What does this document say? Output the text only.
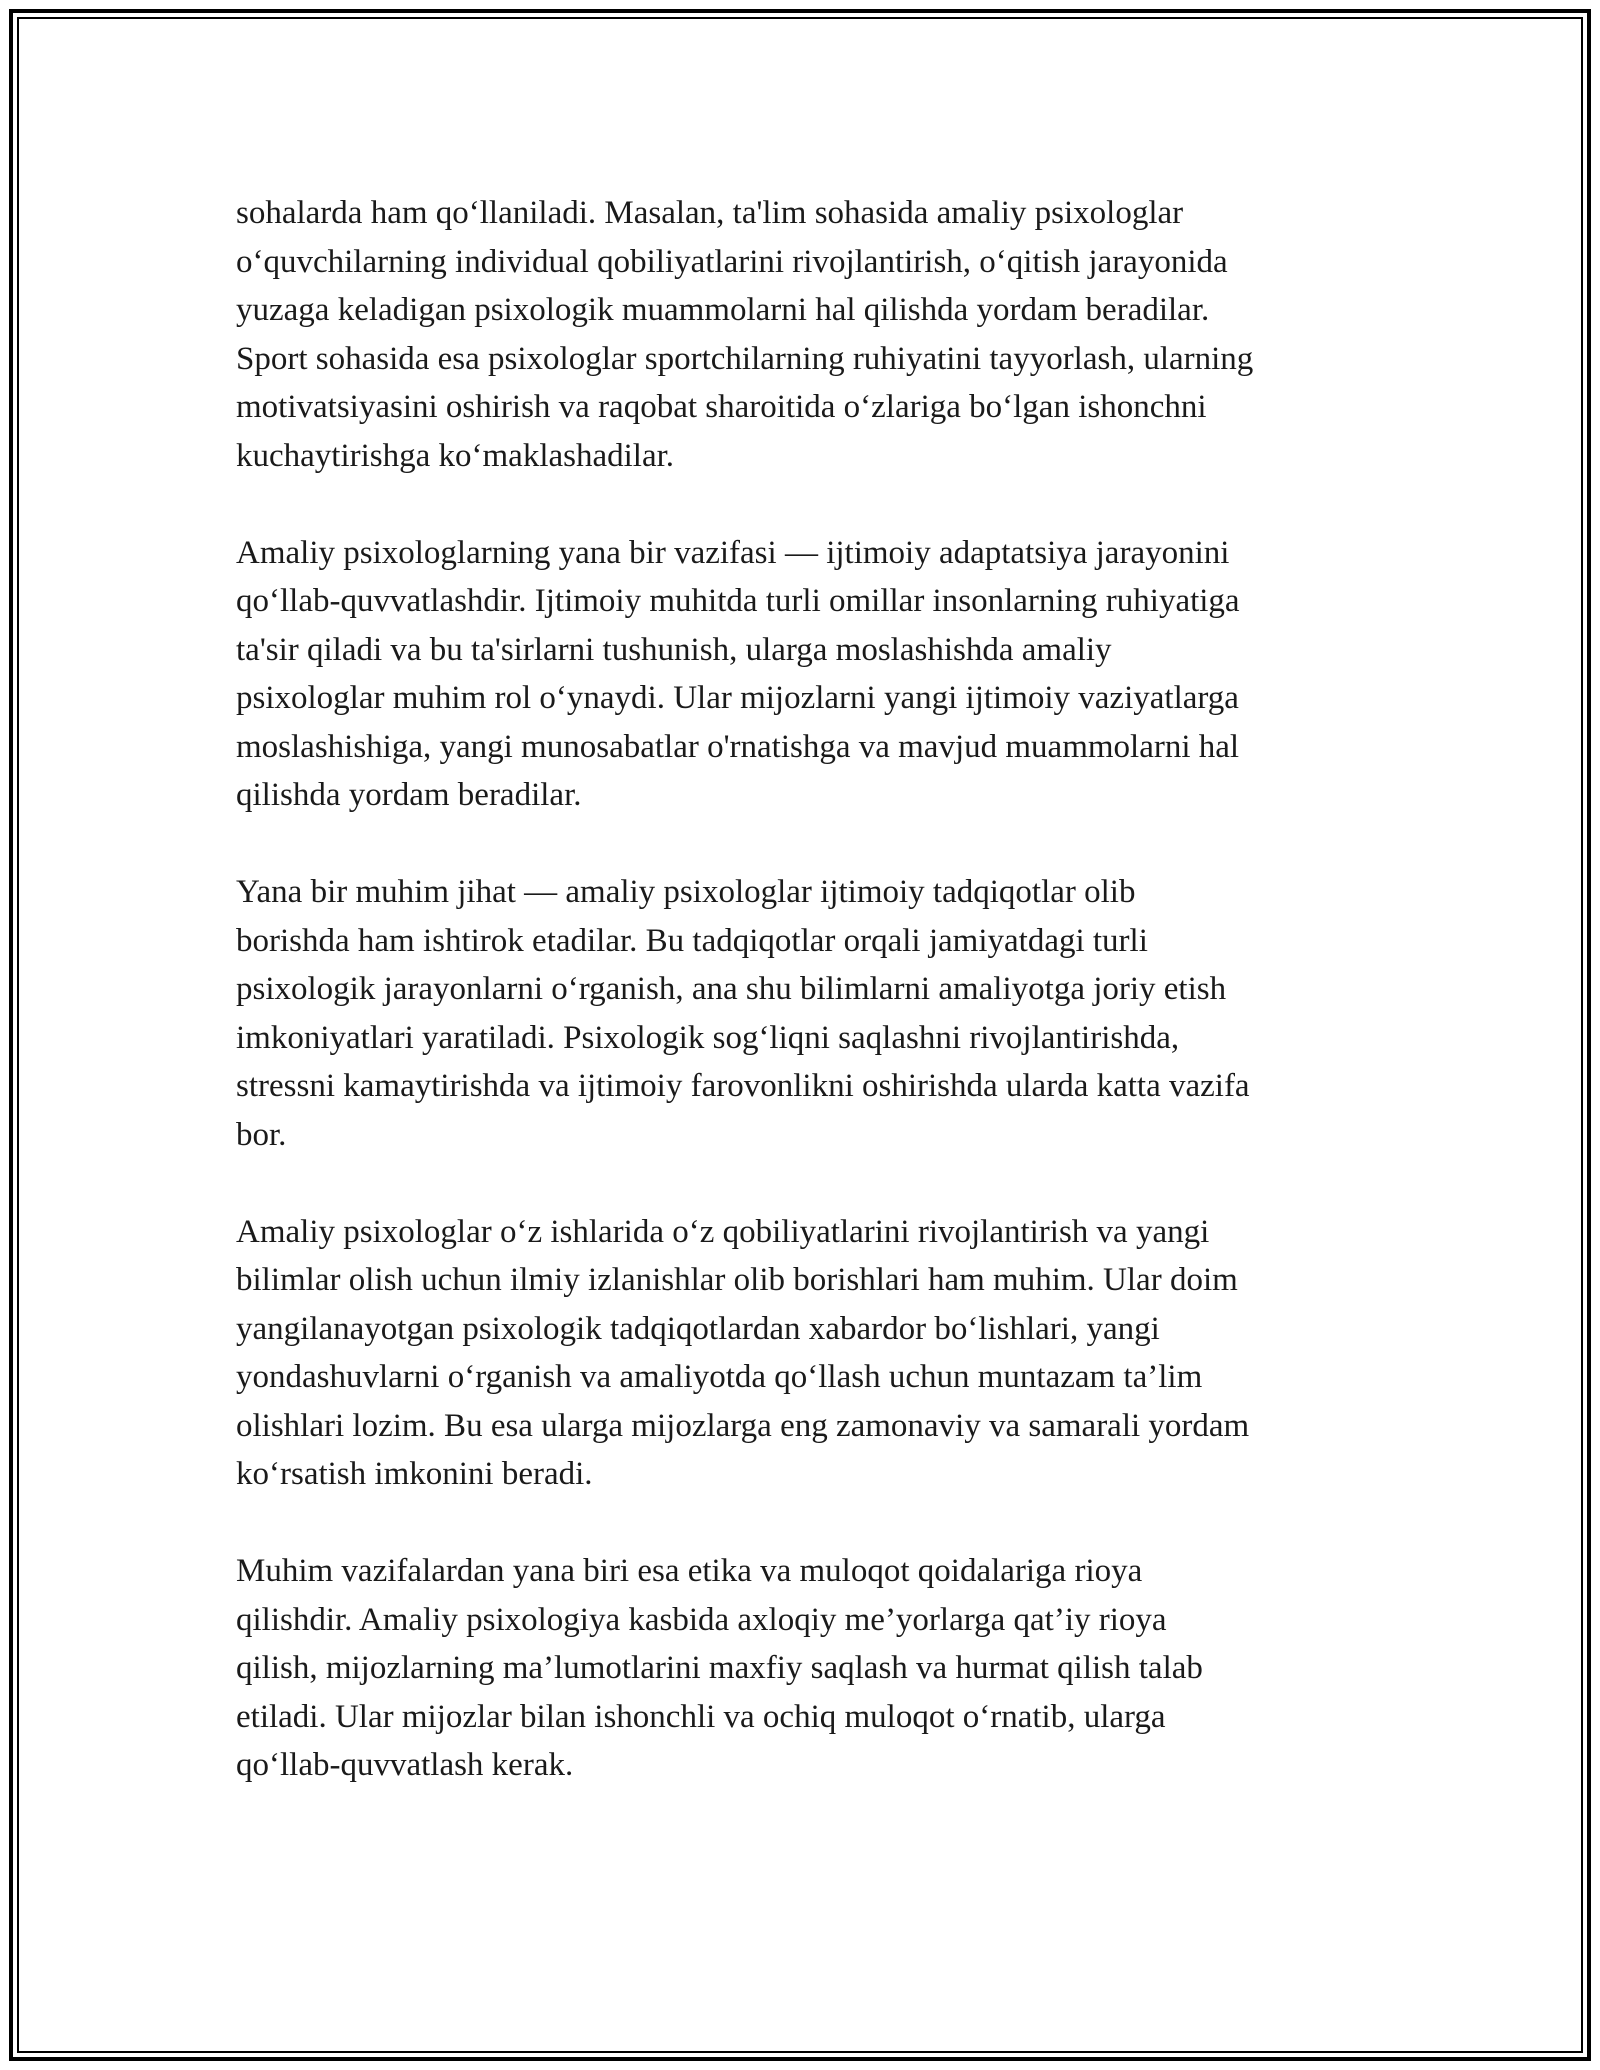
sohalarda ham qo‘llaniladi. Masalan, ta'lim sohasida amaliy psixologlar
o‘quvchilarning individual qobiliyatlarini rivojlantirish, o‘qitish jarayonida
yuzaga keladigan psixologik muammolarni hal qilishda yordam beradilar.
Sport sohasida esa psixologlar sportchilarning ruhiyatini tayyorlash, ularning
motivatsiyasini oshirish va raqobat sharoitida o‘zlariga bo‘lgan ishonchni
kuchaytirishga ko‘maklashadilar.

Amaliy psixologlarning yana bir vazifasi — ijtimoiy adaptatsiya jarayonini
qo‘llab-quvvatlashdir. Ijtimoiy muhitda turli omillar insonlarning ruhiyatiga
ta'sir qiladi va bu ta'sirlarni tushunish, ularga moslashishda amaliy
psixologlar muhim rol o‘ynaydi. Ular mijozlarni yangi ijtimoiy vaziyatlarga
moslashishiga, yangi munosabatlar o'rnatishga va mavjud muammolarni hal
qilishda yordam beradilar.

Yana bir muhim jihat — amaliy psixologlar ijtimoiy tadqiqotlar olib
borishda ham ishtirok etadilar. Bu tadqiqotlar orqali jamiyatdagi turli
psixologik jarayonlarni o‘rganish, ana shu bilimlarni amaliyotga joriy etish
imkoniyatlari yaratiladi. Psixologik sog‘liqni saqlashni rivojlantirishda,
stressni kamaytirishda va ijtimoiy farovonlikni oshirishda ularda katta vazifa
bor.

Amaliy psixologlar o‘z ishlarida o‘z qobiliyatlarini rivojlantirish va yangi
bilimlar olish uchun ilmiy izlanishlar olib borishlari ham muhim. Ular doim
yangilanayotgan psixologik tadqiqotlardan xabardor bo‘lishlari, yangi
yondashuvlarni o‘rganish va amaliyotda qo‘llash uchun muntazam ta’lim
olishlari lozim. Bu esa ularga mijozlarga eng zamonaviy va samarali yordam
ko‘rsatish imkonini beradi.

Muhim vazifalardan yana biri esa etika va muloqot qoidalariga rioya
qilishdir. Amaliy psixologiya kasbida axloqiy me’yorlarga qat’iy rioya
qilish, mijozlarning ma’lumotlarini maxfiy saqlash va hurmat qilish talab
etiladi. Ular mijozlar bilan ishonchli va ochiq muloqot o‘rnatib, ularga
qo‘llab-quvvatlash kerak.
